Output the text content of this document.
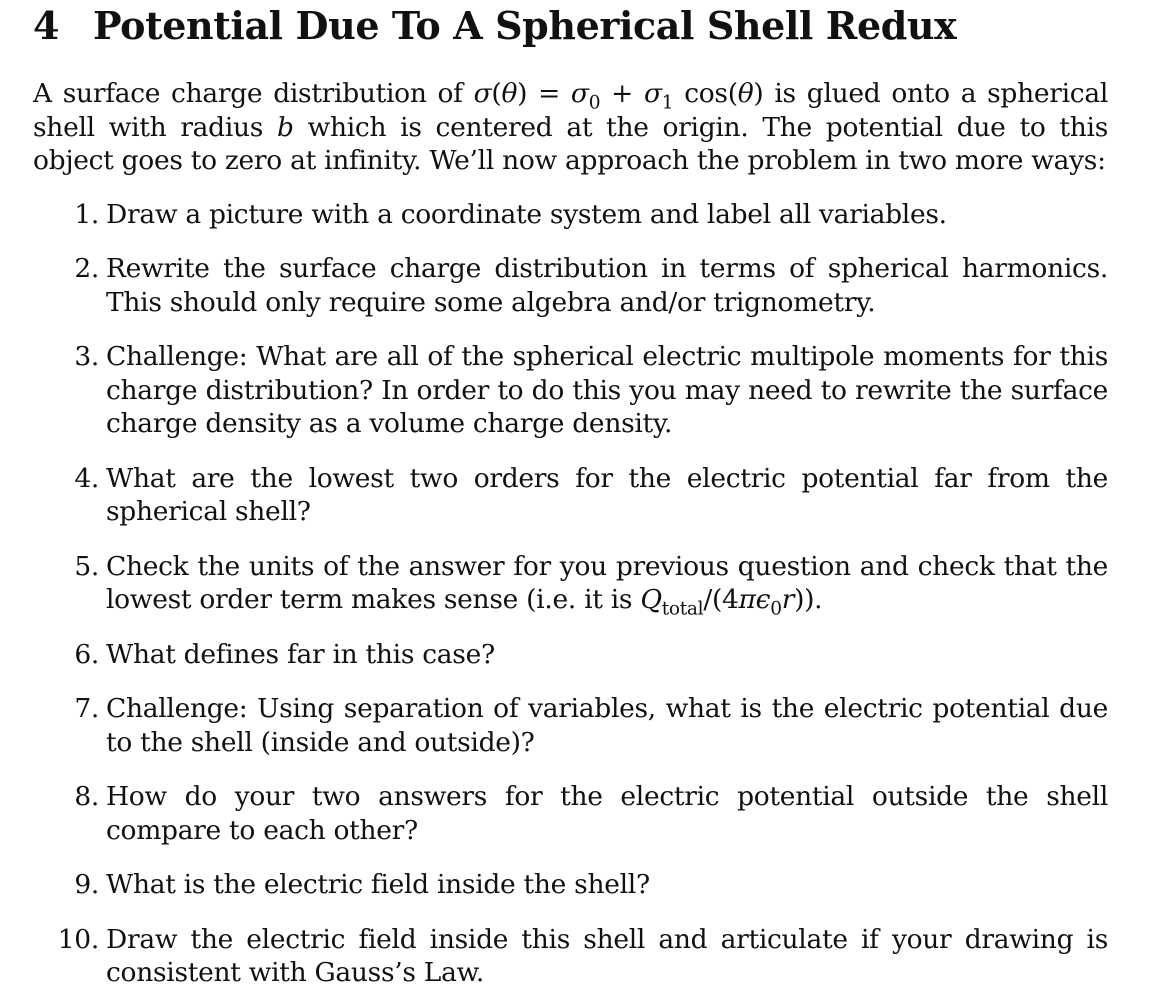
4 Potential Due To A Spherical Shell Redux

A surface charge distribution of $\sigma(\theta) = \sigma_0 + \sigma_1$ cos(θ) is glued onto a spherical shell with radius b which is centered at the origin. The potential due to this object goes to zero at infinity. We’ll now approach the problem in two more ways:

1. Draw a picture with a coordinate system and label all variables.
2. Rewrite the surface charge distribution in terms of spherical harmonics. This should only require some algebra and/or trignometry.
3. Challenge: What are all of the spherical electric multipole moments for this charge distribution? In order to do this you may need to rewrite the surface charge density as a volume charge density.
4. What are the lowest two orders for the electric potential far from the spherical shell?
5. Check the units of the answer for you previous question and check that the lowest order term makes sense (i.e. it is $Q_{total}/(4\pi\epsilon_0r)$).
6. What defines far in this case?
7. Challenge: Using separation of variables, what is the electric potential due to the shell (inside and outside)?
8. How do your two answers for the electric potential outside the shell compare to each other?
9. What is the electric field inside the shell?
10. Draw the electric field inside this shell and articulate if your drawing is consistent with Gauss’s Law.
